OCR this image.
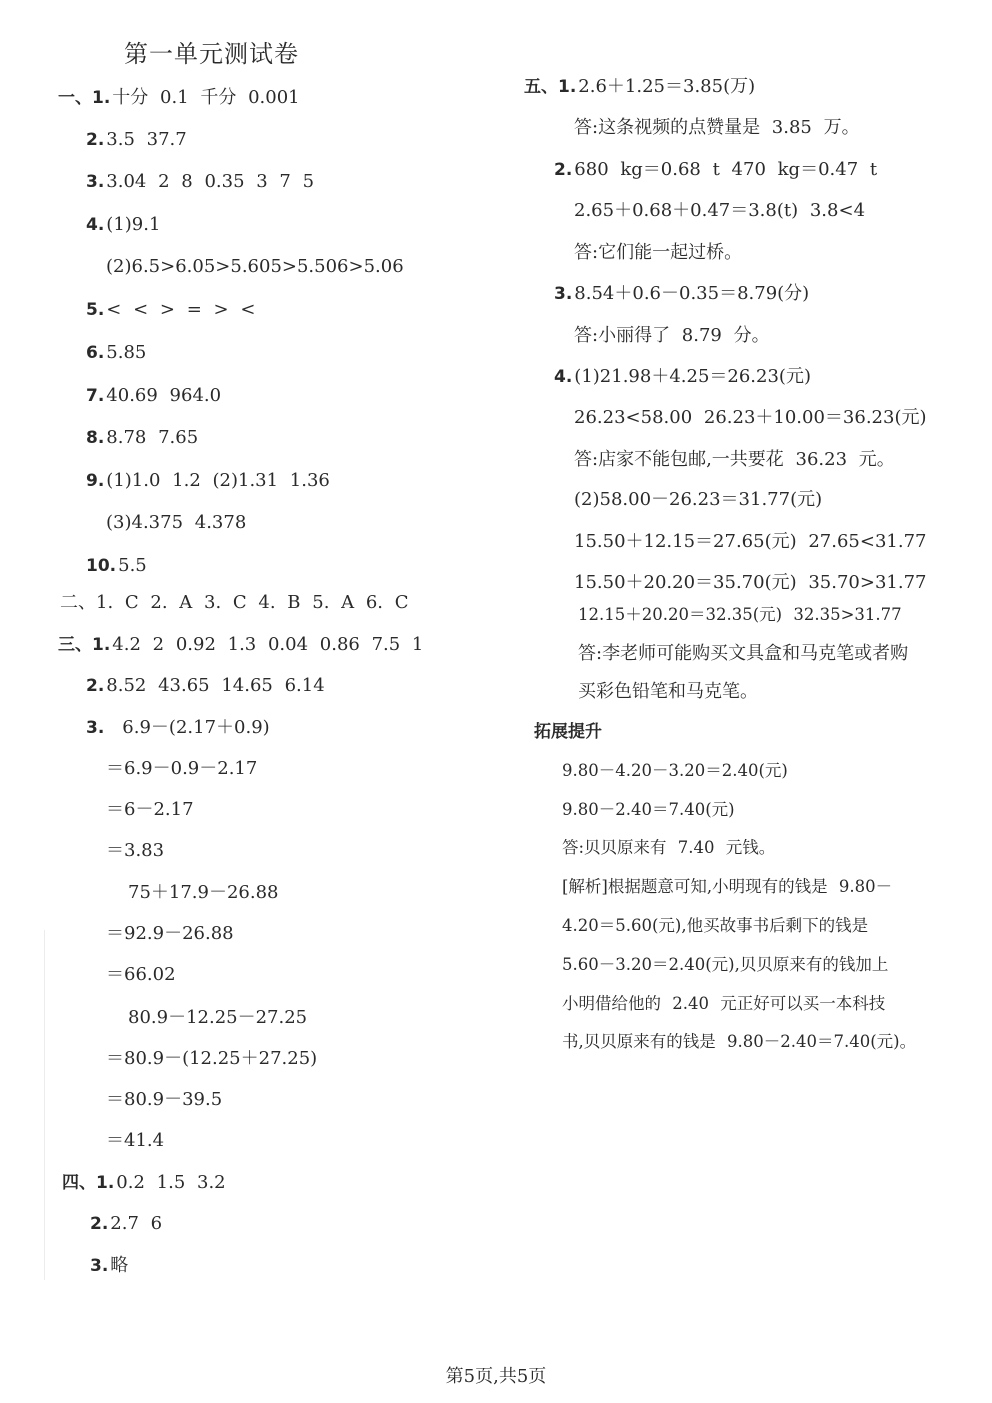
第一单元测试卷
一、1. 十分 0.1 千分 0.001
2. 3.5 37.7
3. 3.04 2 8 0.35 3 7 5
4. (1)9.1
(2)6.5>6.05>5.605>5.506>5.06
5. < < > = > <
6. 5.85
7. 40.69 964.0
8. 8.78 7.65
9. (1)1.0 1.2 (2)1.31 1.36
(3)4.375 4.378
10. 5.5
二、1. C 2. A 3. C 4. B 5. A 6. C
三、1. 4.2 2 0.92 1.3 0.04 0.86 7.5 1
2. 8.52 43.65 14.65 6.14
3. 6.9－(2.17＋0.9)
＝6.9－0.9－2.17
＝6－2.17
＝3.83
75＋17.9－26.88
＝92.9－26.88
＝66.02
80.9－12.25－27.25
＝80.9－(12.25＋27.25)
＝80.9－39.5
＝41.4
四、1. 0.2 1.5 3.2
2. 2.7 6
3. 略
五、1. 2.6＋1.25＝3.85(万)
答:这条视频的点赞量是 3.85 万。
2. 680 kg＝0.68 t 470 kg＝0.47 t
2.65＋0.68＋0.47＝3.8(t) 3.8<4
答:它们能一起过桥。
3. 8.54＋0.6－0.35＝8.79(分)
答:小丽得了 8.79 分。
4. (1)21.98＋4.25＝26.23(元)
26.23<58.00 26.23＋10.00＝36.23(元)
答:店家不能包邮,一共要花 36.23 元。
(2)58.00－26.23＝31.77(元)
15.50＋12.15＝27.65(元) 27.65<31.77
15.50＋20.20＝35.70(元) 35.70>31.77
12.15＋20.20＝32.35(元) 32.35>31.77
答:李老师可能购买文具盒和马克笔或者购
买彩色铅笔和马克笔。
拓展提升
9.80－4.20－3.20＝2.40(元)
9.80－2.40＝7.40(元)
答:贝贝原来有 7.40 元钱。
[解析]根据题意可知,小明现有的钱是 9.80－
4.20＝5.60(元),他买故事书后剩下的钱是
5.60－3.20＝2.40(元),贝贝原来有的钱加上
小明借给他的 2.40 元正好可以买一本科技
书,贝贝原来有的钱是 9.80－2.40＝7.40(元)。
第5页,共5页
